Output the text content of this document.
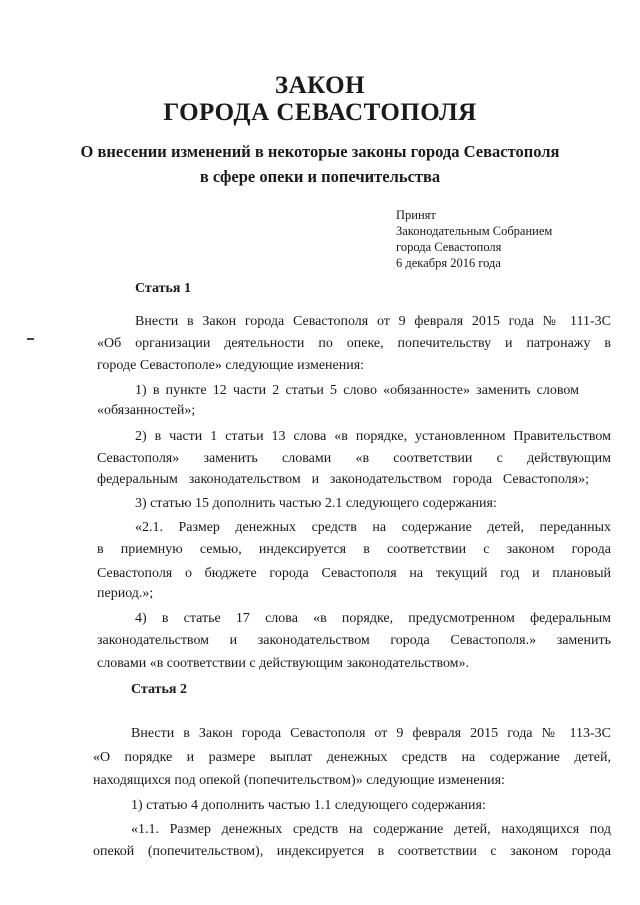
ЗАКОН
ГОРОДА СЕВАСТОПОЛЯ
О внесении изменений в некоторые законы города Севастополя
в сфере опеки и попечительства
Принят
Законодательным Собранием
города Севастополя
6 декабря 2016 года
Статья 1
Внести в Закон города Севастополя от 9 февраля 2015 года № 111-3С
«Об организации деятельности по опеке, попечительству и патронажу в
городе Севастополе» следующие изменения:
1) в пункте 12 части 2 статьи 5 слово «обязанносте» заменить словом
«обязанностей»;
2) в части 1 статьи 13 слова «в порядке, установленном Правительством
Севастополя» заменить словами «в соответствии с действующим
федеральным законодательством и законодательством города Севастополя»;
3) статью 15 дополнить частью 2.1 следующего содержания:
«2.1. Размер денежных средств на содержание детей, переданных
в приемную семью, индексируется в соответствии с законом города
Севастополя о бюджете города Севастополя на текущий год и плановый
период.»;
4) в статье 17 слова «в порядке, предусмотренном федеральным
законодательством и законодательством города Севастополя.» заменить
словами «в соответствии с действующим законодательством».
Статья 2
Внести в Закон города Севастополя от 9 февраля 2015 года № 113-3С
«О порядке и размере выплат денежных средств на содержание детей,
находящихся под опекой (попечительством)» следующие изменения:
1) статью 4 дополнить частью 1.1 следующего содержания:
«1.1. Размер денежных средств на содержание детей, находящихся под
опекой (попечительством), индексируется в соответствии с законом города
